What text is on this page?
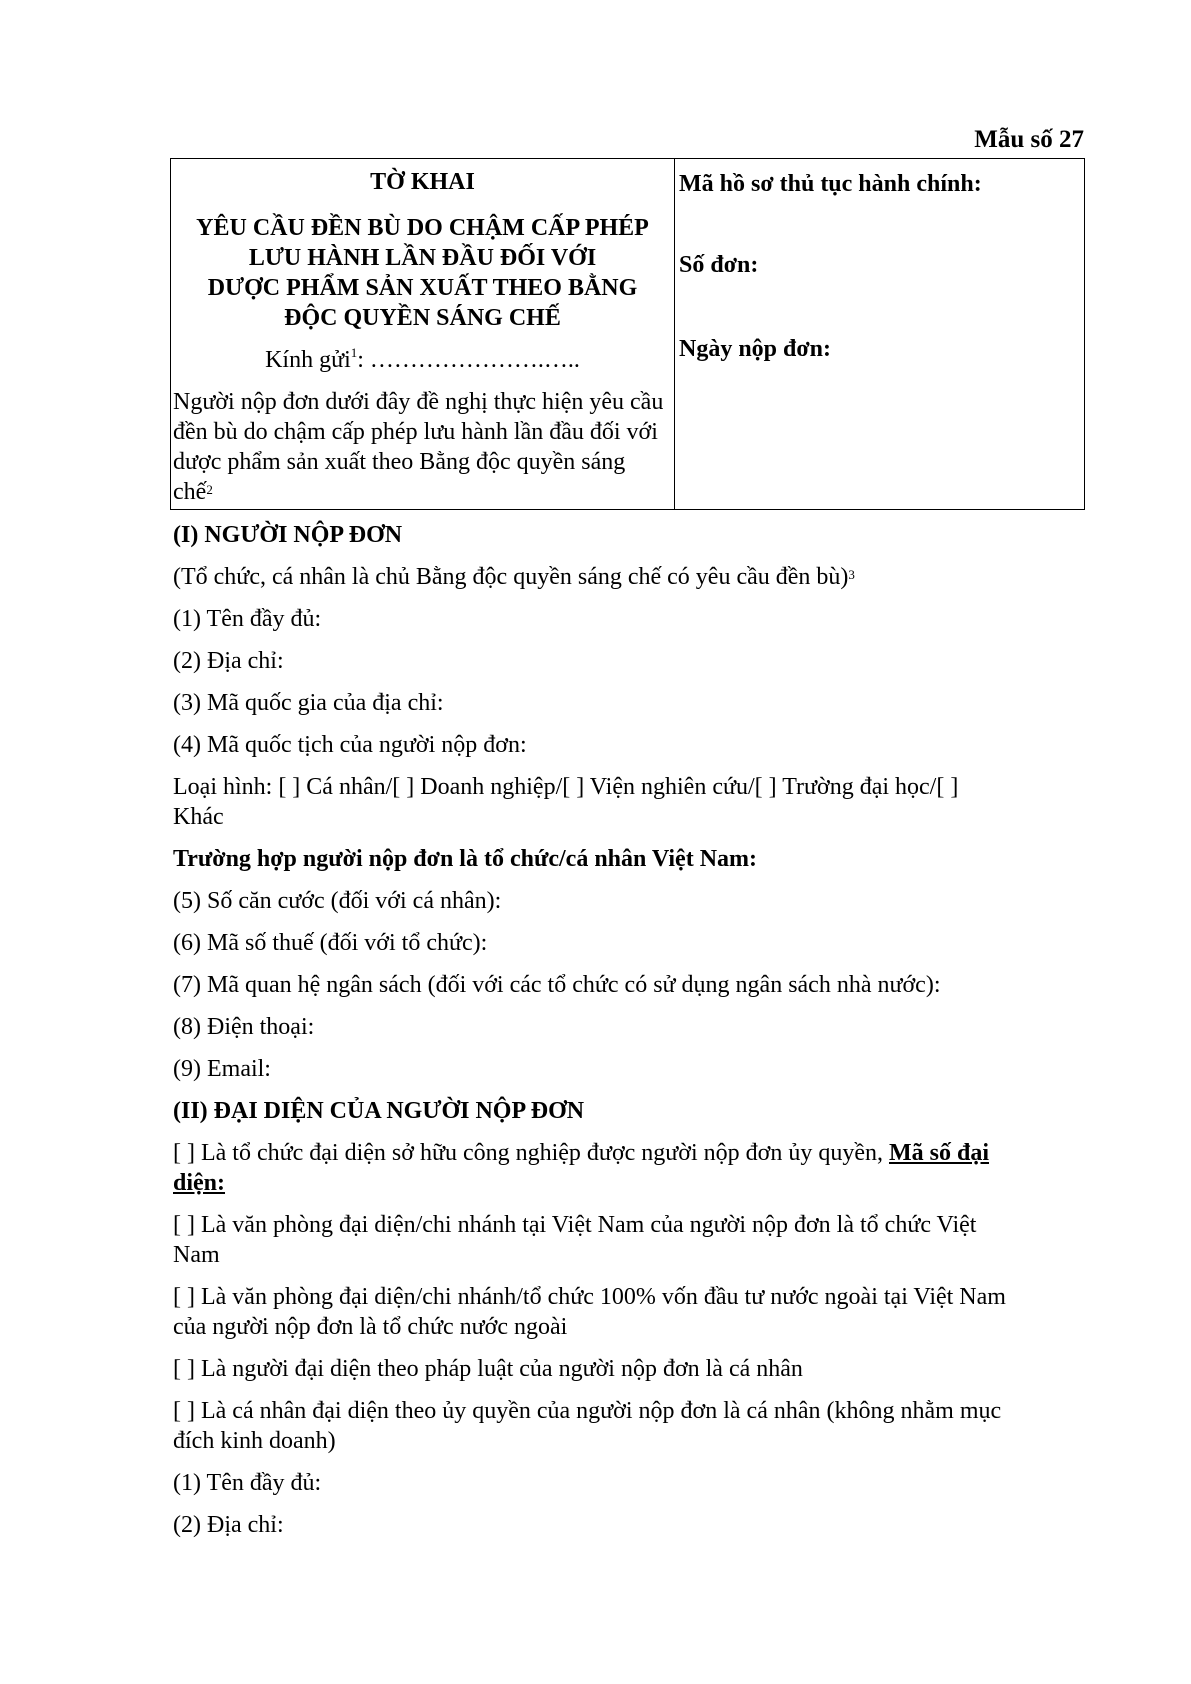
Mẫu số 27
TỜ KHAI
YÊU CẦU ĐỀN BÙ DO CHẬM CẤP PHÉP
LƯU HÀNH LẦN ĐẦU ĐỐI VỚI
DƯỢC PHẨM SẢN XUẤT THEO BẰNG
ĐỘC QUYỀN SÁNG CHẾ
Kính gửi$^1$: ………………….…..
Người nộp đơn dưới đây đề nghị thực hiện yêu cầu đền bù do chậm cấp phép lưu hành lần đầu đối với dược phẩm sản xuất theo Bằng độc quyền sáng chế$^2$
Mã hồ sơ thủ tục hành chính:
Số đơn:
Ngày nộp đơn:
(I) NGƯỜI NỘP ĐƠN
(Tổ chức, cá nhân là chủ Bằng độc quyền sáng chế có yêu cầu đền bù)$^3$
(1) Tên đầy đủ:
(2) Địa chỉ:
(3) Mã quốc gia của địa chỉ:
(4) Mã quốc tịch của người nộp đơn:
Loại hình: [ ] Cá nhân/[ ] Doanh nghiệp/[ ] Viện nghiên cứu/[ ] Trường đại học/[ ]
Khác
Trường hợp người nộp đơn là tổ chức/cá nhân Việt Nam:
(5) Số căn cước (đối với cá nhân):
(6) Mã số thuế (đối với tổ chức):
(7) Mã quan hệ ngân sách (đối với các tổ chức có sử dụng ngân sách nhà nước):
(8) Điện thoại:
(9) Email:
(II) ĐẠI DIỆN CỦA NGƯỜI NỘP ĐƠN
[ ] Là tổ chức đại diện sở hữu công nghiệp được người nộp đơn ủy quyền, Mã số đại
diện:
[ ] Là văn phòng đại diện/chi nhánh tại Việt Nam của người nộp đơn là tổ chức Việt
Nam
[ ] Là văn phòng đại diện/chi nhánh/tổ chức 100% vốn đầu tư nước ngoài tại Việt Nam
của người nộp đơn là tổ chức nước ngoài
[ ] Là người đại diện theo pháp luật của người nộp đơn là cá nhân
[ ] Là cá nhân đại diện theo ủy quyền của người nộp đơn là cá nhân (không nhằm mục
đích kinh doanh)
(1) Tên đầy đủ:
(2) Địa chỉ:
